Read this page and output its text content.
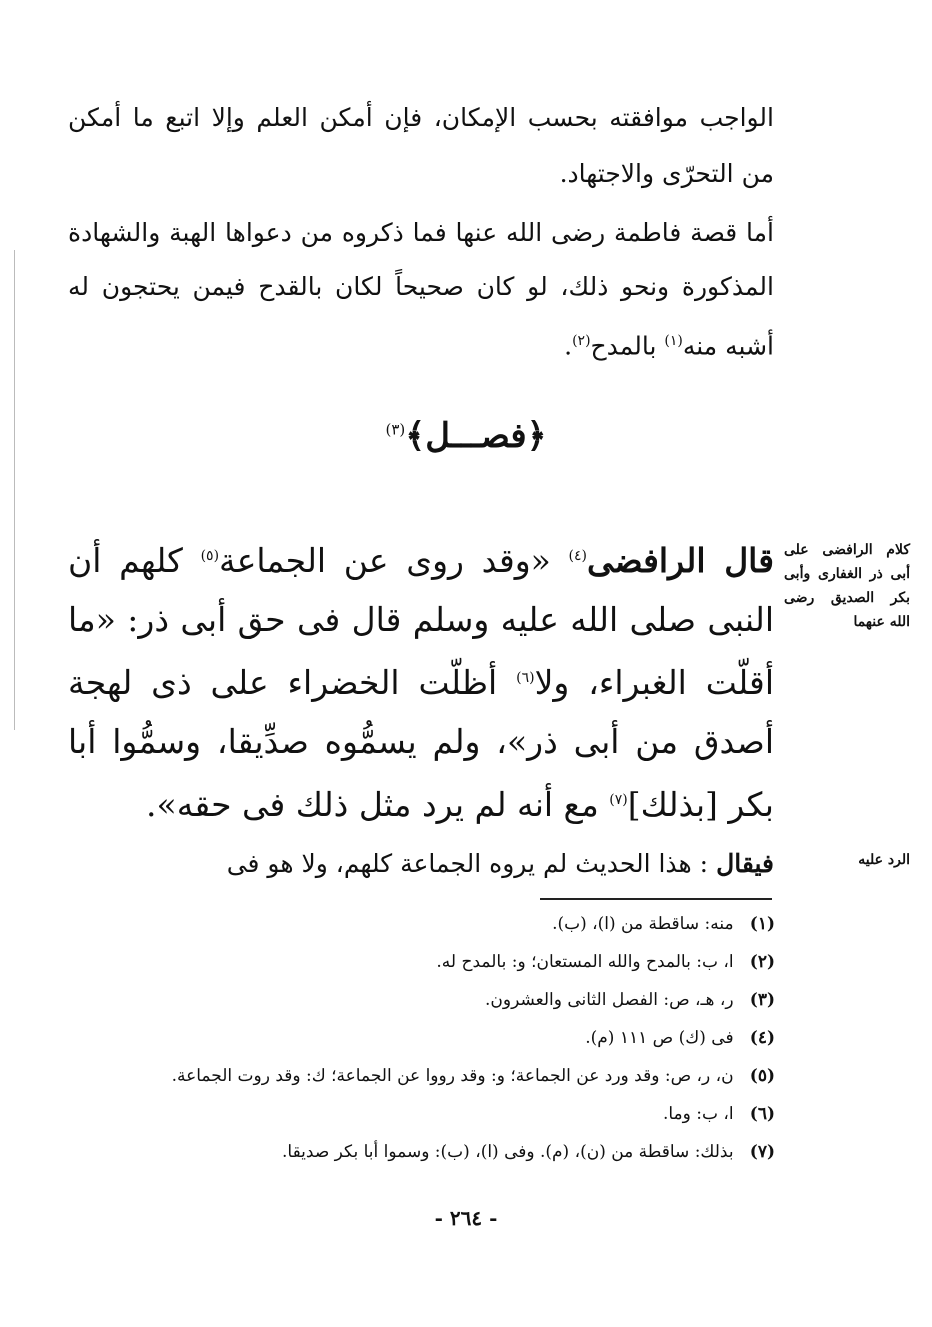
الواجب موافقته بحسب الإمكان، فإن أمكن العلم وإلا اتبع ما أمكن من التحرّى والاجتهاد.

أما قصة فاطمة رضى الله عنها فما ذكروه من دعواها الهبة والشهادة المذكورة ونحو ذلك، لو كان صحيحاً لكان بالقدح فيمن يحتجون له أشبه منه$^{(١)}$ بالمدح$^{(٢)}$.

﴿فصـــل﴾$^{(٣)}$
كلام الرافضى على أبى ذر الغفارى وأبى بكر الصديق رضى الله عنهما

قال الرافضى$^{(٤)}$ «وقد روى عن الجماعة$^{(٥)}$ كلهم أن النبى صلى الله عليه وسلم قال فى حق أبى ذر: «ما أقلّت الغبراء، ولا$^{(٦)}$ أظلّت الخضراء على ذى لهجة أصدق من أبى ذر»، ولم يسمُّوه صدِّيقا، وسمُّوا أبا بكر [بذلك]$^{(٧)}$ مع أنه لم يرد مثل ذلك فى حقه».

الرد عليه

فيقال : هذا الحديث لم يروه الجماعة كلهم، ولا هو فى

(١) منه: ساقطة من (ا)، (ب).
(٢) ا، ب: بالمدح والله المستعان؛ و: بالمدح له.
(٣) ر، هـ، ص: الفصل الثانى والعشرون.
(٤) فى (ك) ص ١١١ (م).
(٥) ن، ر، ص: وقد ورد عن الجماعة؛ و: وقد رووا عن الجماعة؛ ك: وقد روت الجماعة.
(٦) ا، ب: وما.
(٧) بذلك: ساقطة من (ن)، (م). وفى (ا)، (ب): وسموا أبا بكر صديقا.
- ٢٦٤ -
